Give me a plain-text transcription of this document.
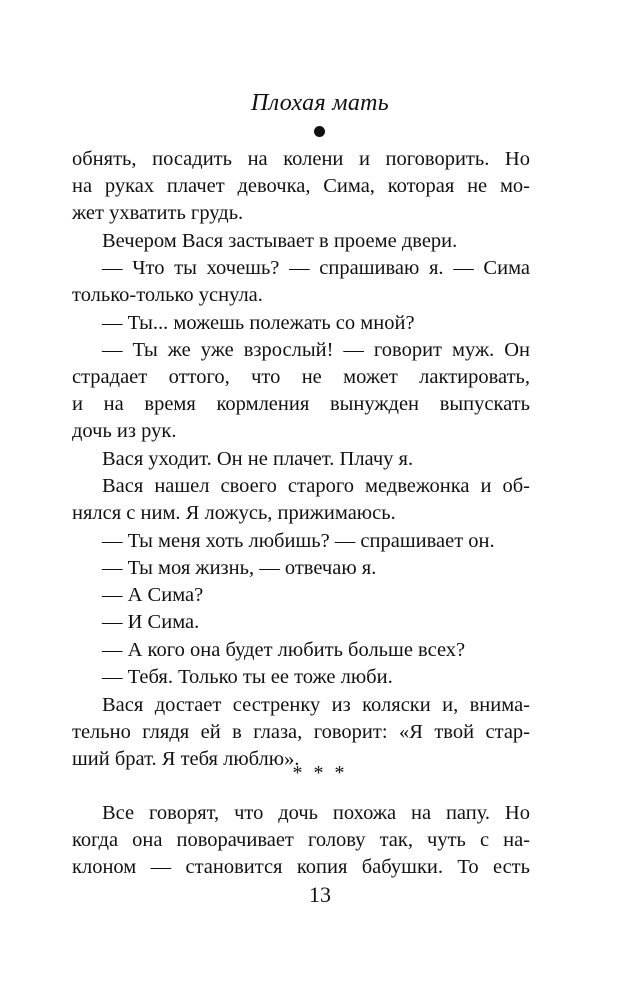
Плохая мать
обнять, посадить на колени и поговорить. Но
на руках плачет девочка, Сима, которая не мо-
жет ухватить грудь.
Вечером Вася застывает в проеме двери.
— Что ты хочешь? — спрашиваю я. — Сима
только-только уснула.
— Ты... можешь полежать со мной?
— Ты же уже взрослый! — говорит муж. Он
страдает оттого, что не может лактировать,
и на время кормления вынужден выпускать
дочь из рук.
Вася уходит. Он не плачет. Плачу я.
Вася нашел своего старого медвежонка и об-
нялся с ним. Я ложусь, прижимаюсь.
— Ты меня хоть любишь? — спрашивает он.
— Ты моя жизнь, — отвечаю я.
— А Сима?
— И Сима.
— А кого она будет любить больше всех?
— Тебя. Только ты ее тоже люби.
Вася достает сестренку из коляски и, внима-
тельно глядя ей в глаза, говорит: «Я твой стар-
ший брат. Я тебя люблю».
* * *
Все говорят, что дочь похожа на папу. Но
когда она поворачивает голову так, чуть с на-
клоном — становится копия бабушки. То есть
13
